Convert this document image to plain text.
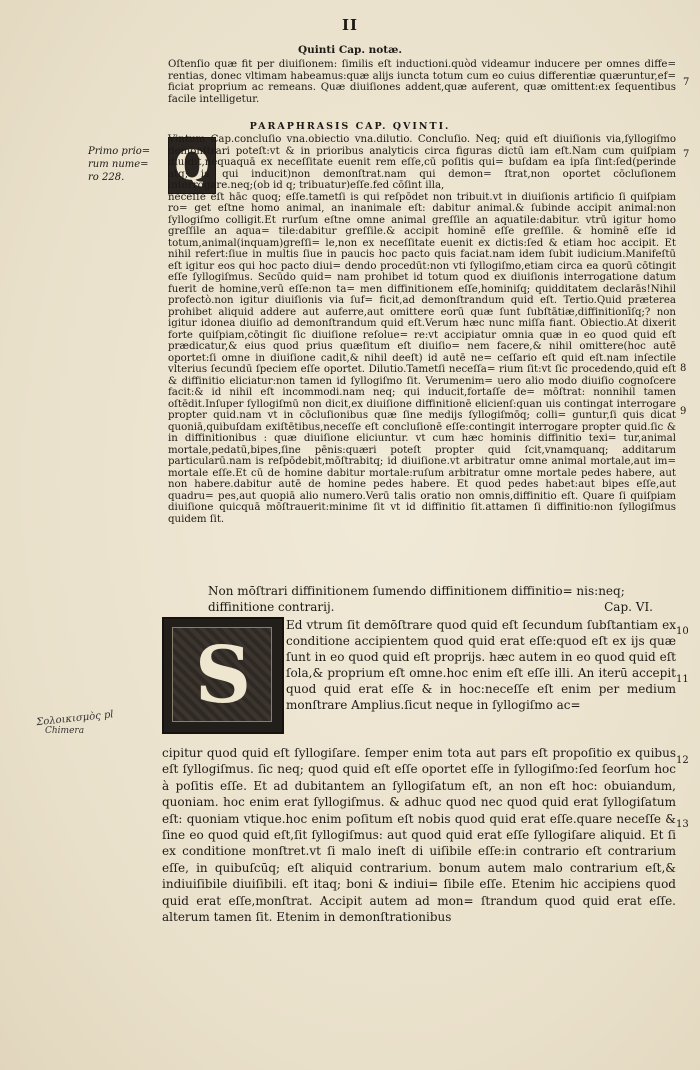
II
Quinti Cap. notæ.

Oſtenſio quæ fit per diuiſionem: ſimilis eſt inductioni.quòd videamur inducere per omnes diffe= rentias, donec vltimam habeamus:quæ alijs iuncta totum cum eo cuius differentiæ quæruntur,ef= ficiat proprium ac remeans. Quæ diuiſiones addent,quæ auferent, quæ omittent:ex ſequentibus facile intelligetur.

PARAPHRASIS CAP. QVINTI.
Q

Vintum Cap.concluſio vna.obiectio vna.dilutio. Concluſio. Neq; quid eſt diuiſionis via,ſyllogiſmo demonſtrari poteſt:vt & in prioribus analyticis circa figuras dictū iam eſt.Nam cum quiſpiam diuidit,nequaquā ex neceſſitate euenit rem eſſe,cū poſitis qui= buſdam ea ipſa ſint:ſed(perinde atq; is qui inducit)non demonſtrat.nam qui demon= ſtrat,non oportet cōcluſionem interrogare.neq;(ob id q; tribuatur)eſſe.fed cōſint illa,

neceſſe eſt hāc quoq; eſſe.tametſi is qui reſpōdet non tribuit.vt in diuiſionis artificio ſi quiſpiam ro= get eſtne homo animal, an inanimale eſt: dabitur animal.& ſubinde accipit animal:non ſyllogiſmo colligit.Et rurſum eſtne omne animal greſſile an aquatile:dabitur. vtrū igitur homo greſſile an aqua= tile:dabitur greſſile.& accipit hominē eſſe greſſile. & hominē eſſe id totum,animal(inquam)greſſi= le,non ex neceſſitate euenit ex dictis:ſed & etiam hoc accipit. Et nihil refert:ſiue in multis ſiue in paucis hoc pacto quis faciat.nam idem ſubit iudicium.Manifeſtū eſt igitur eos qui hoc pacto diui= dendo procedūt:non vti ſyllogiſmo,etiam circa ea quorū cōtingit eſſe ſyllogiſmus. Secūdo quid= nam prohibet id totum quod ex diuiſionis interrogatione datum fuerit de homine,verū eſſe:non ta= men diffinitionem eſſe,hominiſq; quidditatem declarās!Nihil profectò.non igitur diuiſionis via ſuf= ficit,ad demonſtrandum quid eſt. Tertio.Quid præterea prohibet aliquid addere aut auferre,aut omittere eorū quæ ſunt ſubſtātiæ,diffinitionīſq;? non igitur idonea diuiſio ad demonſtrandum quid eſt.Verum hæc nunc miſſa fiant. Obiectio.At dixerit forte quiſpiam,cōtingit ſic diuiſione reſolue= re:vt accipiatur omnia quæ in eo quod quid eſt prædicatur,& eius quod prius quæſitum eſt diuiſio= nem facere,& nihil omittere(hoc autē oportet:ſi omne in diuiſione cadit,& nihil deeſt) id autē ne= ceſſario eſt quid eſt.nam inſectile vlterius ſecundū ſpeciem eſſe oportet. Dilutio.Tametſi neceſſa= rium ſit:vt ſic procedendo,quid eſt & diffinitio eliciatur:non tamen id ſyllogiſmo ſit. Verumenim= uero alio modo diuiſio cognoſcere facit:& id nihil eſt incommodi.nam neq; qui inducit,fortaſſe de= mōſtrat: nonnihil tamen oſtēdit.Inſuper ſyllogiſmū non dicit,ex diuiſione diffinitionē elicienſ:quan uis contingat interrogare propter quid.nam vt in cōcluſionibus quæ ſine medijs ſyllogiſmōq; colli= guntur,ſi quis dicat quoniā,quibuſdam exiſtētibus,neceſſe eſt concluſionē eſſe:contingit interrogare propter quid.ſic & in diffinitionibus : quæ diuiſione eliciuntur. vt cum hæc hominis diffinitio texi= tur,animal mortale,pedatū,bipes,ſine pēnis:quæri poteſt propter quid ſcit,vnamquanq; additarum particularū.nam is reſpōdebit,mōſtrabitq; id diuiſione.vt arbitratur omne animal mortale,aut im= mortale eſſe.Et cū de homine dabitur mortale:ruſum arbitratur omne mortale pedes habere, aut non habere.dabitur autē de homine pedes habere. Et quod pedes habet:aut bipes eſſe,aut quadru= pes,aut quopiā alio numero.Verū talis oratio non omnis,diffinitio eſt. Quare ſi quiſpiam diuiſione quicquā mōſtrauerit:minime ſit vt id diffinitio ſit.attamen ſi diffinitio:non ſyllogiſmus quidem ſit.

Primo prio= rum nume= ro 228.
7
7
8
9
10
11
12
13
Non mōſtrari diffinitionem ſumendo diffinitionem diffinitio= nis:neq; diffinitione contrarij.	Cap. VI.
S
Ed vtrum ſit demōſtrare quod quid eſt ſecundum ſubſtantiam ex conditione accipientem quod quid erat eſſe:quod eſt ex ijs quæ ſunt in eo quod quid eſt proprijs. hæc autem in eo quod quid eſt ſola,& proprium eſt omne.hoc enim eſt eſſe illi. An iterū accepit quod quid erat eſſe & in hoc:neceſſe eſt enim per medium monſtrare Amplius.ſicut neque in ſyllogiſmo ac=
cipitur quod quid eſt ſyllogiſare. ſemper enim tota aut pars eſt propoſitio ex quibus eſt ſyllogiſmus. ſic neq; quod quid eſt eſſe oportet eſſe in ſyllogiſmo:ſed ſeorſum hoc à poſitis eſſe. Et ad dubitantem an ſyllogiſatum eſt, an non eſt hoc: obuiandum, quoniam. hoc enim erat ſyllogiſmus. & adhuc quod nec quod quid erat ſyllogiſatum eſt: quoniam vtique.hoc enim poſitum eſt nobis quod quid erat eſſe.quare neceſſe & ſine eo quod quid eſt,ſit ſyllogiſmus: aut quod quid erat eſſe ſyllogiſare aliquid. Et ſi ex conditione monſtret.vt ſi malo ineſt di uiſibile eſſe:in contrario eſt contrarium eſſe, in quibuſcūq; eſt aliquid contrarium. bonum autem malo contrarium eſt,& indiuiſibile diuiſibili. eſt itaq; boni & indiui= ſibile eſſe. Etenim hic accipiens quod quid erat eſſe,monſtrat. Accipit autem ad mon= ſtrandum quod quid erat eſſe. alterum tamen ſit. Etenim in demonſtrationibus
Σολοικισμὸς pl
Chimera
